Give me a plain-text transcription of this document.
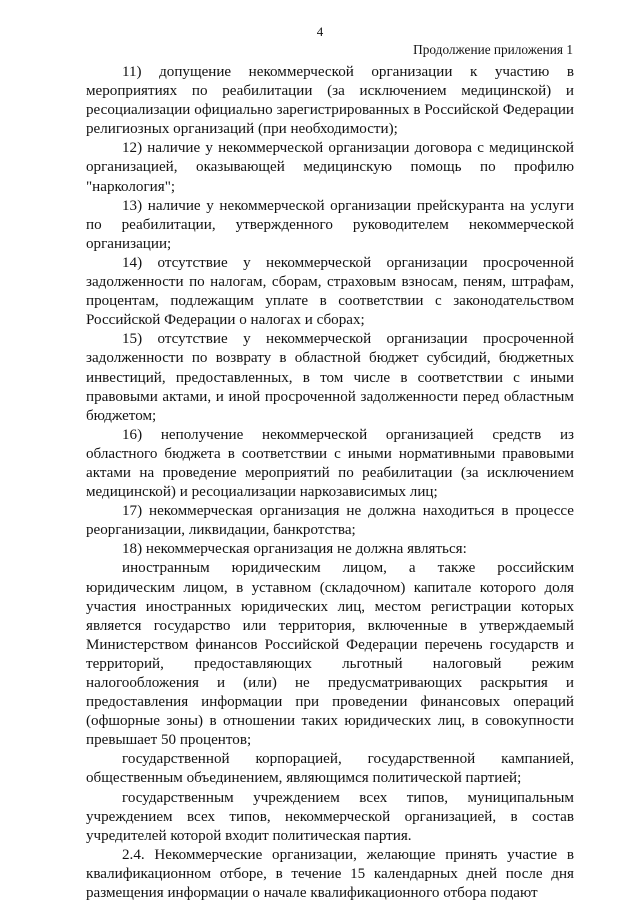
4
Продолжение приложения 1

11) допущение некоммерческой организации к участию в мероприятиях по реабилитации (за исключением медицинской) и ресоциализации официально зарегистрированных в Российской Федерации религиозных организаций (при необходимости);

12) наличие у некоммерческой организации договора с медицинской организацией, оказывающей медицинскую помощь по профилю "наркология";

13) наличие у некоммерческой организации прейскуранта на услуги по реабилитации, утвержденного руководителем некоммерческой организации;

14) отсутствие у некоммерческой организации просроченной задолженности по налогам, сборам, страховым взносам, пеням, штрафам, процентам, подлежащим уплате в соответствии с законодательством Российской Федерации о налогах и сборах;

15) отсутствие у некоммерческой организации просроченной задолженности по возврату в областной бюджет субсидий, бюджетных инвестиций, предоставленных, в том числе в соответствии с иными правовыми актами, и иной просроченной задолженности перед областным бюджетом;

16) неполучение некоммерческой организацией средств из областного бюджета в соответствии с иными нормативными правовыми актами на проведение мероприятий по реабилитации (за исключением медицинской) и ресоциализации наркозависимых лиц;

17) некоммерческая организация не должна находиться в процессе реорганизации, ликвидации, банкротства;

18) некоммерческая организация не должна являться:

иностранным юридическим лицом, а также российским юридическим лицом, в уставном (складочном) капитале которого доля участия иностранных юридических лиц, местом регистрации которых является государство или территория, включенные в утверждаемый Министерством финансов Российской Федерации перечень государств и территорий, предоставляющих льготный налоговый режим налогообложения и (или) не предусматривающих раскрытия и предоставления информации при проведении финансовых операций (офшорные зоны) в отношении таких юридических лиц, в совокупности превышает 50 процентов;

государственной корпорацией, государственной кампанией, общественным объединением, являющимся политической партией;

государственным учреждением всех типов, муниципальным учреждением всех типов, некоммерческой организацией, в состав учредителей которой входит политическая партия.

2.4. Некоммерческие организации, желающие принять участие в квалификационном отборе, в течение 15 календарных дней после дня размещения информации о начале квалификационного отбора подают
